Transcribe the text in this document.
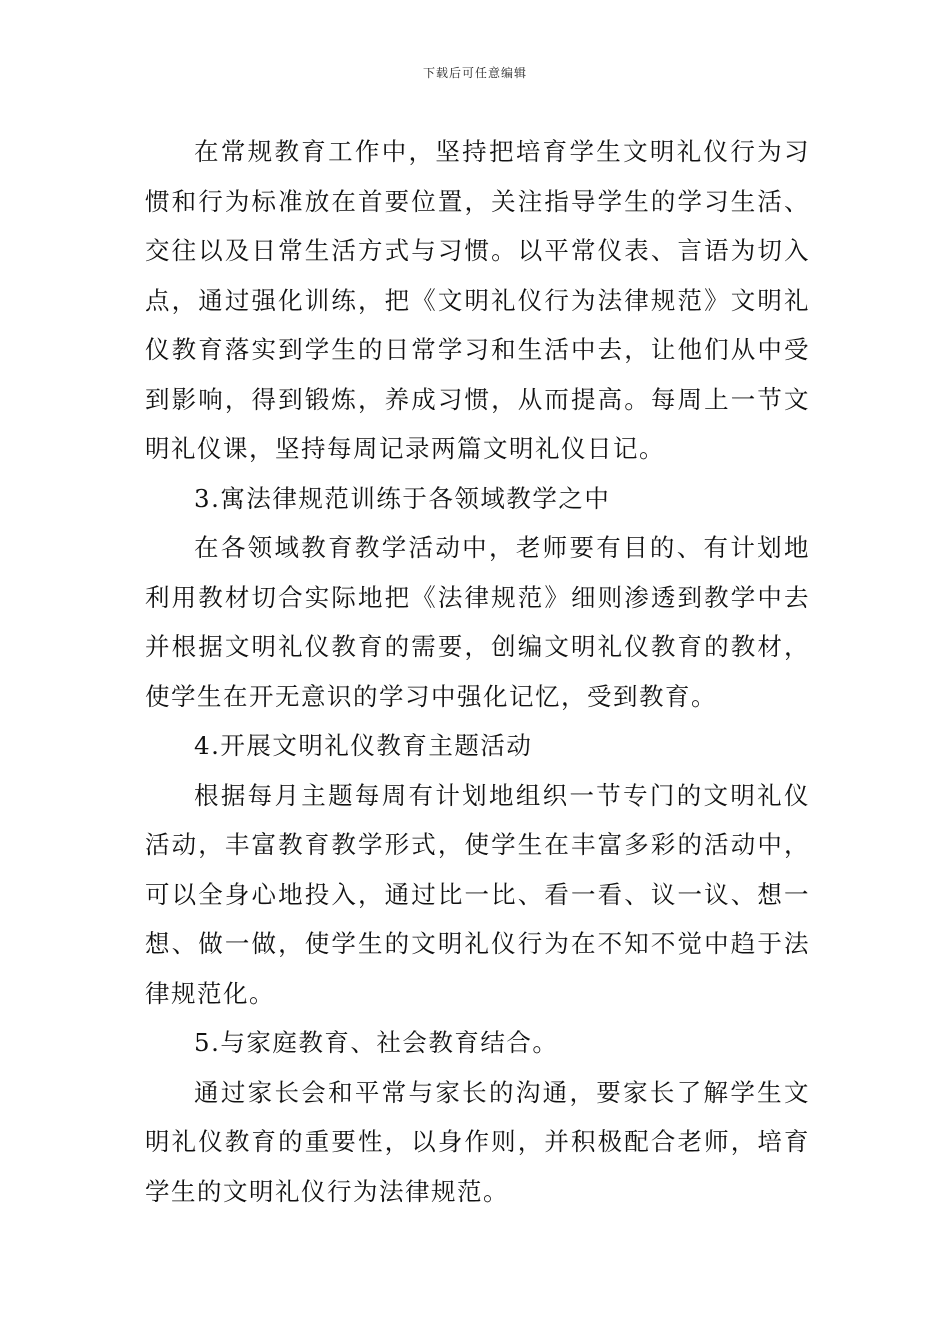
下载后可任意编辑

在常规教育工作中，坚持把培育学生文明礼仪行为习惯和行为标准放在首要位置，关注指导学生的学习生活、交往以及日常生活方式与习惯。以平常仪表、言语为切入点，通过强化训练，把《文明礼仪行为法律规范》文明礼仪教育落实到学生的日常学习和生活中去，让他们从中受到影响，得到锻炼，养成习惯，从而提高。每周上一节文明礼仪课，坚持每周记录两篇文明礼仪日记。

3.寓法律规范训练于各领域教学之中

在各领域教育教学活动中，老师要有目的、有计划地利用教材切合实际地把《法律规范》细则渗透到教学中去并根据文明礼仪教育的需要，创编文明礼仪教育的教材，使学生在开无意识的学习中强化记忆，受到教育。

4.开展文明礼仪教育主题活动

根据每月主题每周有计划地组织一节专门的文明礼仪活动，丰富教育教学形式，使学生在丰富多彩的活动中，可以全身心地投入，通过比一比、看一看、议一议、想一想、做一做，使学生的文明礼仪行为在不知不觉中趋于法律规范化。

5.与家庭教育、社会教育结合。

通过家长会和平常与家长的沟通，要家长了解学生文明礼仪教育的重要性，以身作则，并积极配合老师，培育学生的文明礼仪行为法律规范。
